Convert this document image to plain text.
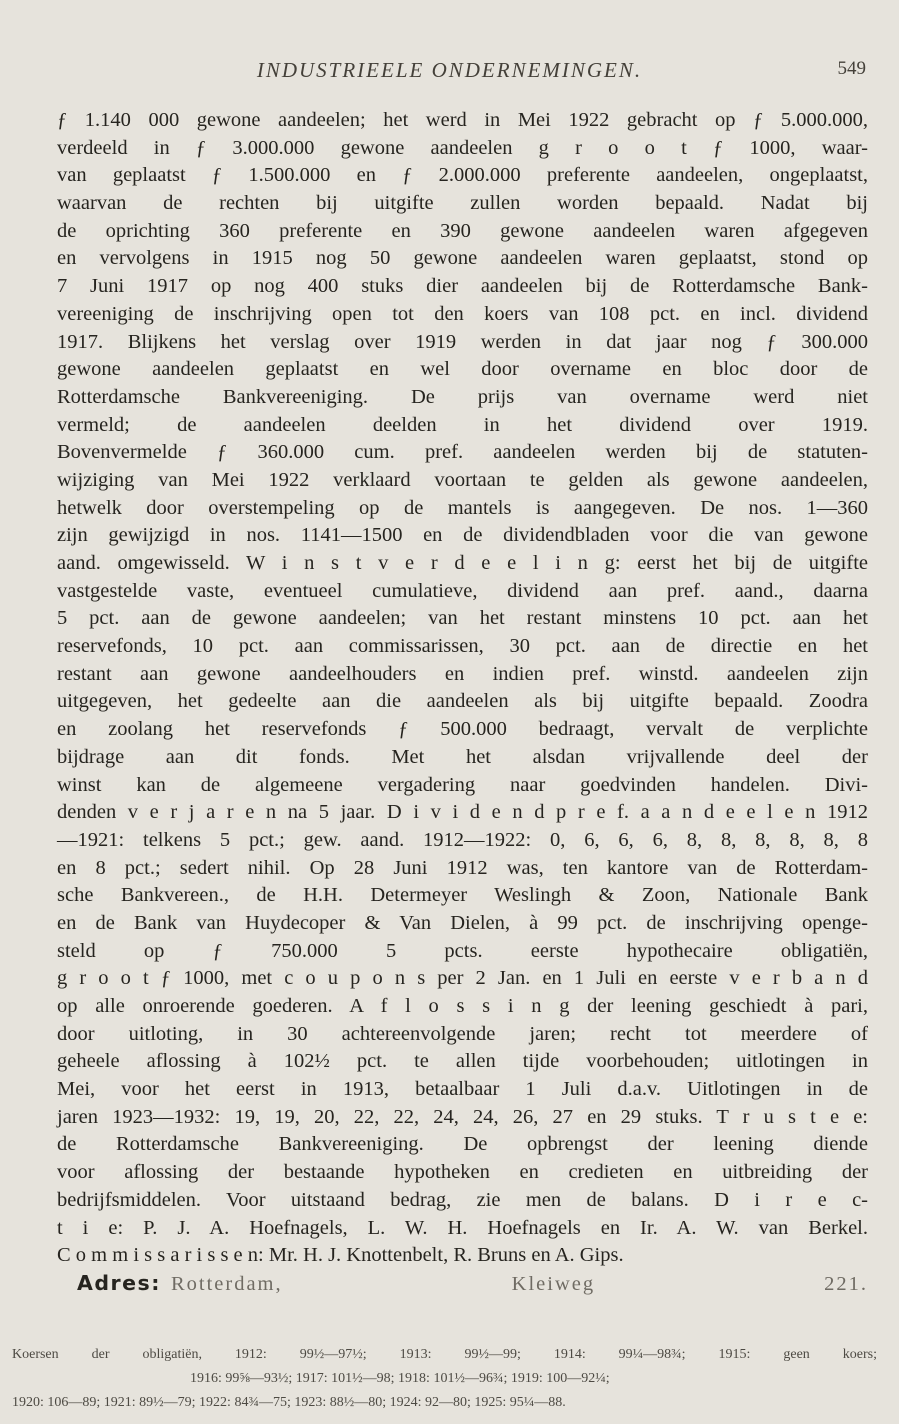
INDUSTRIEELE ONDERNEMINGEN.	549
ƒ 1.140 000 gewone aandeelen; het werd in Mei 1922 gebracht op ƒ 5.000.000,
verdeeld in ƒ 3.000.000 gewone aandeelen g r o o t ƒ 1000, waar-
van geplaatst ƒ 1.500.000 en ƒ 2.000.000 preferente aandeelen, ongeplaatst,
waarvan de rechten bij uitgifte zullen worden bepaald. Nadat bij
de oprichting 360 preferente en 390 gewone aandeelen waren afgegeven
en vervolgens in 1915 nog 50 gewone aandeelen waren geplaatst, stond op
7 Juni 1917 op nog 400 stuks dier aandeelen bij de Rotterdamsche Bank-
vereeniging de inschrijving open tot den koers van 108 pct. en incl. dividend
1917. Blijkens het verslag over 1919 werden in dat jaar nog ƒ 300.000
gewone aandeelen geplaatst en wel door overname en bloc door de
Rotterdamsche Bankvereeniging. De prijs van overname werd niet
vermeld; de aandeelen deelden in het dividend over 1919.
Bovenvermelde ƒ 360.000 cum. pref. aandeelen werden bij de statuten-
wijziging van Mei 1922 verklaard voortaan te gelden als gewone aandeelen,
hetwelk door overstempeling op de mantels is aangegeven. De nos. 1—360
zijn gewijzigd in nos. 1141—1500 en de dividendbladen voor die van gewone
aand. omgewisseld. W i n s t v e r d e e l i n g: eerst het bij de uitgifte
vastgestelde vaste, eventueel cumulatieve, dividend aan pref. aand., daarna
5 pct. aan de gewone aandeelen; van het restant minstens 10 pct. aan het
reservefonds, 10 pct. aan commissarissen, 30 pct. aan de directie en het
restant aan gewone aandeelhouders en indien pref. winstd. aandeelen zijn
uitgegeven, het gedeelte aan die aandeelen als bij uitgifte bepaald. Zoodra
en zoolang het reservefonds ƒ 500.000 bedraagt, vervalt de verplichte
bijdrage aan dit fonds. Met het alsdan vrijvallende deel der
winst kan de algemeene vergadering naar goedvinden handelen. Divi-
denden v e r j a r e n na 5 jaar. D i v i d e n d p r e f. a a n d e e l e n 1912
—1921: telkens 5 pct.; gew. aand. 1912—1922: 0, 6, 6, 6, 8, 8, 8, 8, 8, 8
en 8 pct.; sedert nihil. Op 28 Juni 1912 was, ten kantore van de Rotterdam-
sche Bankvereen., de H.H. Determeyer Weslingh & Zoon, Nationale Bank
en de Bank van Huydecoper & Van Dielen, à 99 pct. de inschrijving openge-
steld op ƒ 750.000 5 pcts. eerste hypothecaire obligatiën,
g r o o t ƒ 1000, met c o u p o n s per 2 Jan. en 1 Juli en eerste v e r b a n d
op alle onroerende goederen. A f l o s s i n g der leening geschiedt à pari,
door uitloting, in 30 achtereenvolgende jaren; recht tot meerdere of
geheele aflossing à 102½ pct. te allen tijde voorbehouden; uitlotingen in
Mei, voor het eerst in 1913, betaalbaar 1 Juli d.a.v. Uitlotingen in de
jaren 1923—1932: 19, 19, 20, 22, 22, 24, 24, 26, 27 en 29 stuks. T r u s t e e:
de Rotterdamsche Bankvereeniging. De opbrengst der leening diende
voor aflossing der bestaande hypotheken en credieten en uitbreiding der
bedrijfsmiddelen. Voor uitstaand bedrag, zie men de balans. D i r e c-
t i e: P. J. A. Hoefnagels, L. W. H. Hoefnagels en Ir. A. W. van Berkel.
C o m m i s s a r i s s e n: Mr. H. J. Knottenbelt, R. Bruns en A. Gips.
Adres: Rotterdam, Kleiweg 221.
Koersen der obligatiën, 1912: 99½—97½; 1913: 99½—99; 1914: 99¼—98¾; 1915: geen koers;
1916: 99⅝—93½; 1917: 101½—98; 1918: 101½—96¾; 1919: 100—92¼;
1920: 106—89; 1921: 89½—79; 1922: 84¾—75; 1923: 88½—80; 1924: 92—80; 1925: 95¼—88.
